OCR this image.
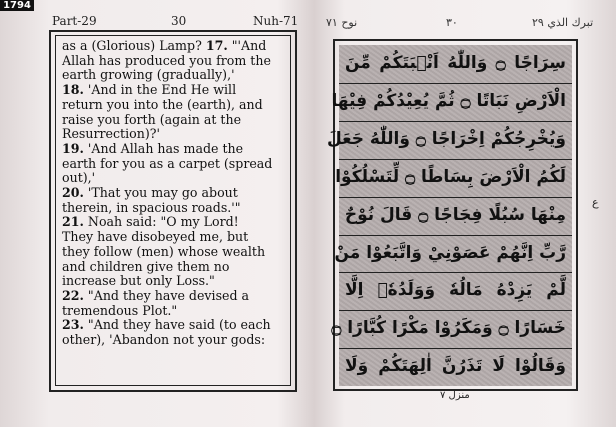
1794
Part-29	30	Nuh-71

as a (Glorious) Lamp? 17. "'And

Allah has produced you from the

earth growing (gradually),'

18. 'And in the End He will

return you into the (earth), and

raise you forth (again at the

Resurrection)?'

19. 'And Allah has made the

earth for you as a carpet (spread

out),'

20. 'That you may go about

therein, in spacious roads.'"

21. Noah said: "O my Lord!

They have disobeyed me, but

they follow (men) whose wealth

and children give them no

increase but only Loss."

22. "And they have devised a

tremendous Plot."

23. "And they have said (to each

other), 'Abandon not your gods:

نوح ٧١	٣٠	تبرك الذي ٢٩
سِرَاجًا ۝ وَاللّٰهُ اَنْۢبَتَكُمْ مِّنَ
الْاَرْضِ نَبَاتًا ۝ ثُمَّ يُعِيْدُكُمْ فِيْهَا
وَيُخْرِجُكُمْ اِخْرَاجًا ۝ وَاللّٰهُ جَعَلَ
لَكُمُ الْاَرْضَ بِسَاطًا ۝ لِّتَسْلُكُوْا
مِنْهَا سُبُلًا فِجَاجًا ۝ قَالَ نُوْحٌ
رَّبِّ اِنَّهُمْ عَصَوْنِيْ وَاتَّبَعُوْا مَنْ
لَّمْ يَزِدْهُ مَالُهٗ وَوَلَدُهٗۤ اِلَّا
خَسَارًا ۝ وَمَكَرُوْا مَكْرًا كُبَّارًا ۝
وَقَالُوْا لَا تَذَرُنَّ اٰلِهَتَكُمْ وَلَا
منزل ٧
ع
